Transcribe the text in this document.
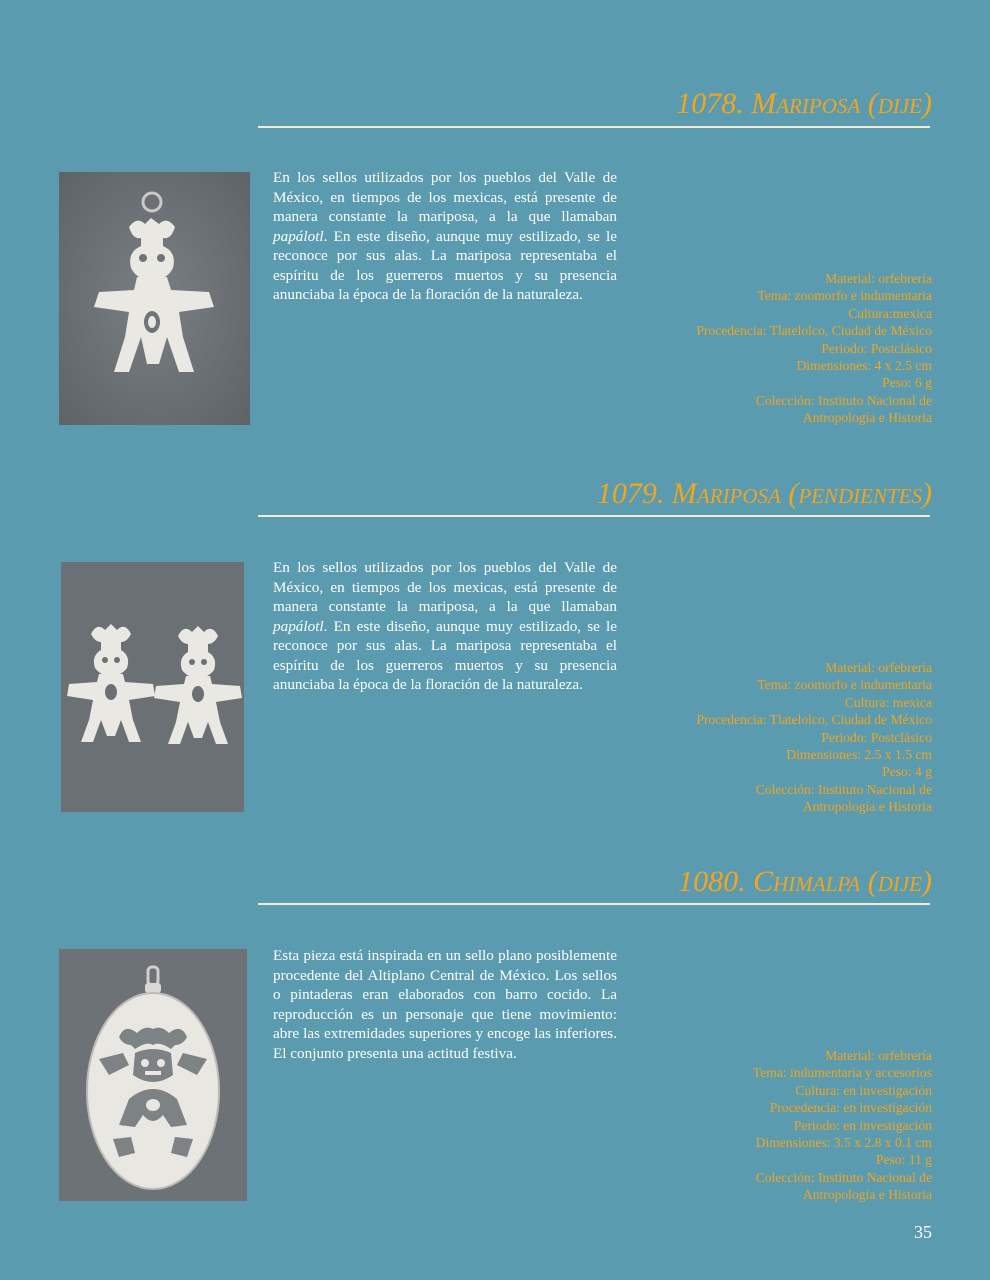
1078. Mariposa (dije)
En los sellos utilizados por los pueblos del Valle de México, en tiempos de los mexicas, está presente de manera constante la mariposa, a la que llamaban papálotl. En este diseño, aunque muy estilizado, se le reconoce por sus alas. La mariposa representaba el espíritu de los guerreros muertos y su presencia anunciaba la época de la floración de la naturaleza.
Material: orfebrería
Tema: zoomorfo e indumentaria
Cultura:mexica
Procedencia: Tlatelolco, Ciudad de México
Periodo: Postclásico
Dimensiones: 4 x 2.5 cm
Peso: 6 g
Colección: Instituto Nacional de
Antropología e Historia
1079. Mariposa (pendientes)
En los sellos utilizados por los pueblos del Valle de México, en tiempos de los mexicas, está presente de manera constante la mariposa, a la que llamaban papálotl. En este diseño, aunque muy estilizado, se le reconoce por sus alas. La mariposa representaba el espíritu de los guerreros muertos y su presencia anunciaba la época de la floración de la naturaleza.
Material: orfebrería
Tema: zoomorfo e indumentaria
Cultura: mexica
Procedencia: Tlatelolco, Ciudad de México
Periodo: Postclásico
Dimensiones: 2.5 x 1.5 cm
Peso: 4 g
Colección: Instituto Nacional de
Antropología e Historia
1080. Chimalpa (dije)
Esta pieza está inspirada en un sello plano posiblemente procedente del Altiplano Central de México. Los sellos o pintaderas eran elaborados con barro cocido. La reproducción es un personaje que tiene movimiento: abre las extremidades superiores y encoge las inferiores. El conjunto presenta una actitud festiva.	Material: orfebrería
Tema: indumentaria y accesorios
Cultura: en investigación
Procedencia: en investigación
Periodo: en investigación
Dimensiones: 3.5 x 2.8 x 0.1 cm
Peso: 11 g
Colección: Instituto Nacional de
Antropología e Historia
35
